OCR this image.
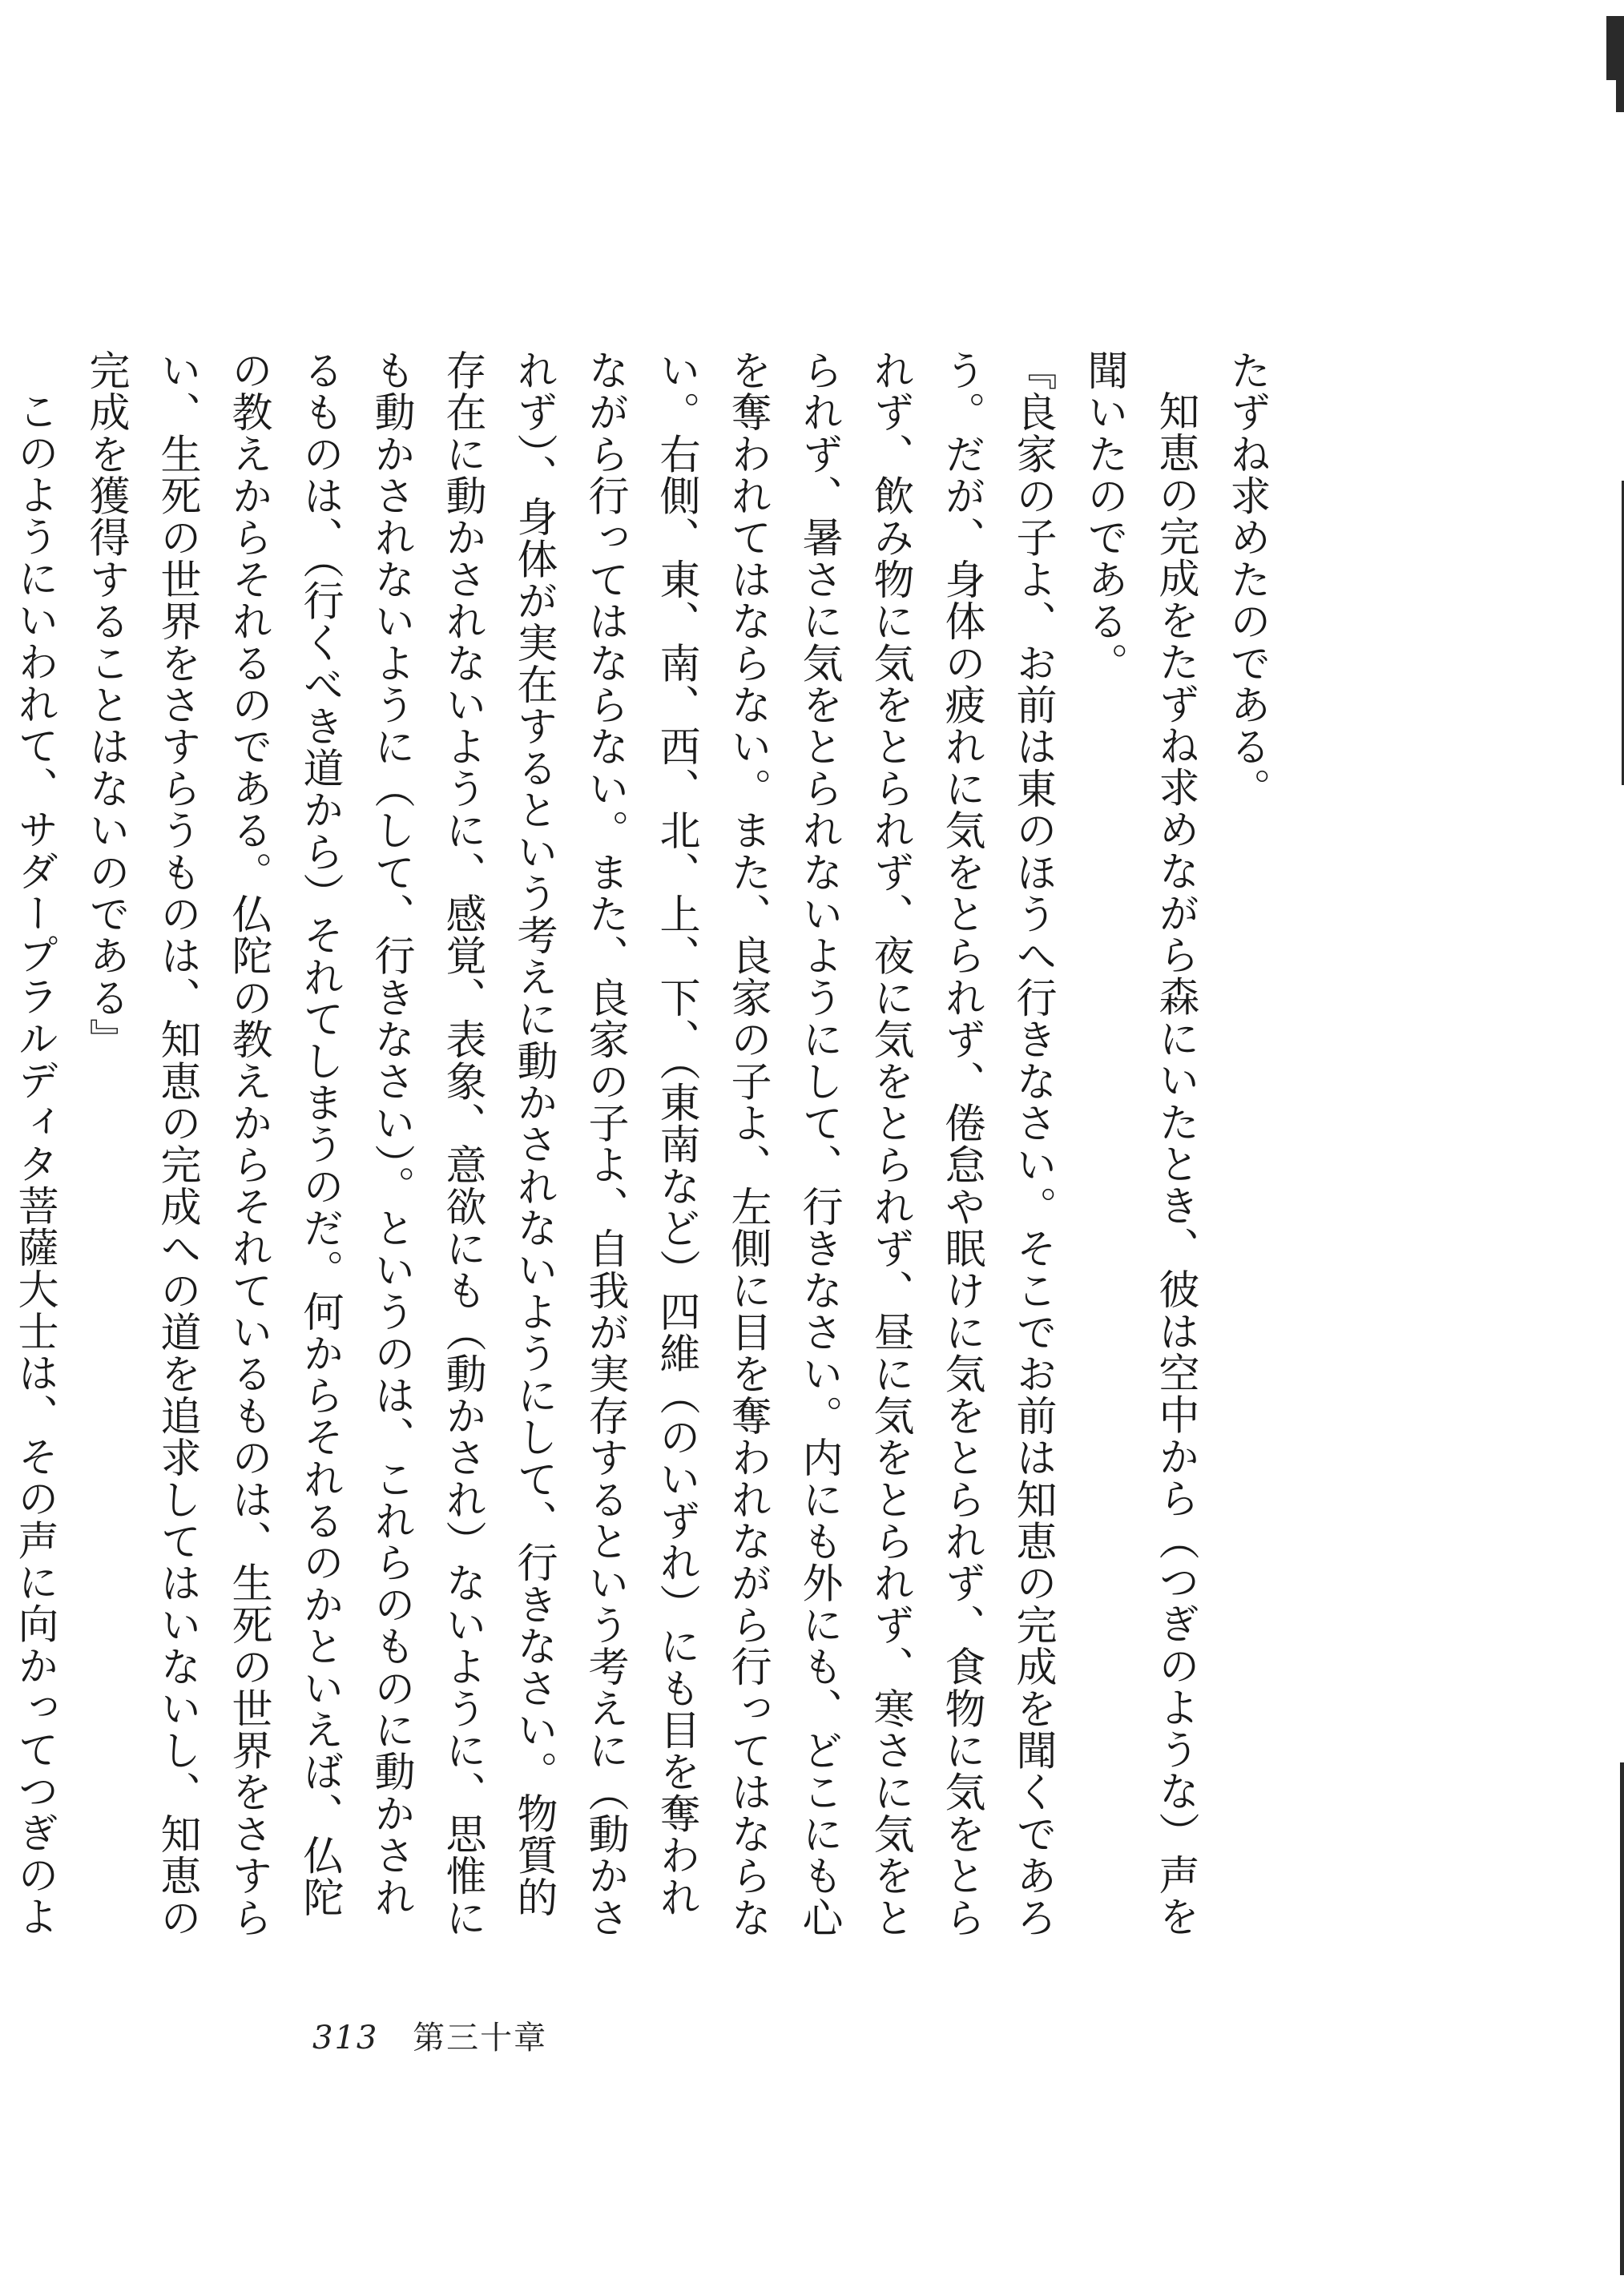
たずね求めたのである。

知恵の完成をたずね求めながら森にいたとき、彼は空中から（つぎのような）声を聞いたのである。

『良家の子よ、お前は東のほうへ行きなさい。そこでお前は知恵の完成を聞くであろう。だが、身体の疲れに気をとられず、倦怠や眠けに気をとられず、食物に気をとられず、飲み物に気をとられず、夜に気をとられず、昼に気をとられず、寒さに気をとられず、暑さに気をとられないようにして、行きなさい。内にも外にも、どこにも心を奪われてはならない。また、良家の子よ、左側に目を奪われながら行ってはならない。右側、東、南、西、北、上、下、（東南など）四維（のいずれ）にも目を奪われながら行ってはならない。また、良家の子よ、自我が実存するという考えに（動かされず）、身体が実在するという考えに動かされないようにして、行きなさい。物質的存在に動かされないように、感覚、表象、意欲にも（動かされ）ないように、思惟にも動かされないように（して、行きなさい）。というのは、これらのものに動かされるものは、（行くべき道から）それてしまうのだ。何からそれるのかといえば、仏陀の教えからそれるのである。仏陀の教えからそれているものは、生死の世界をさすらい、生死の世界をさすらうものは、知恵の完成への道を追求してはいないし、知恵の完成を獲得することはないのである』

このようにいわれて、サダープラルディタ菩薩大士は、その声に向かってつぎのよ

313 第三十章
